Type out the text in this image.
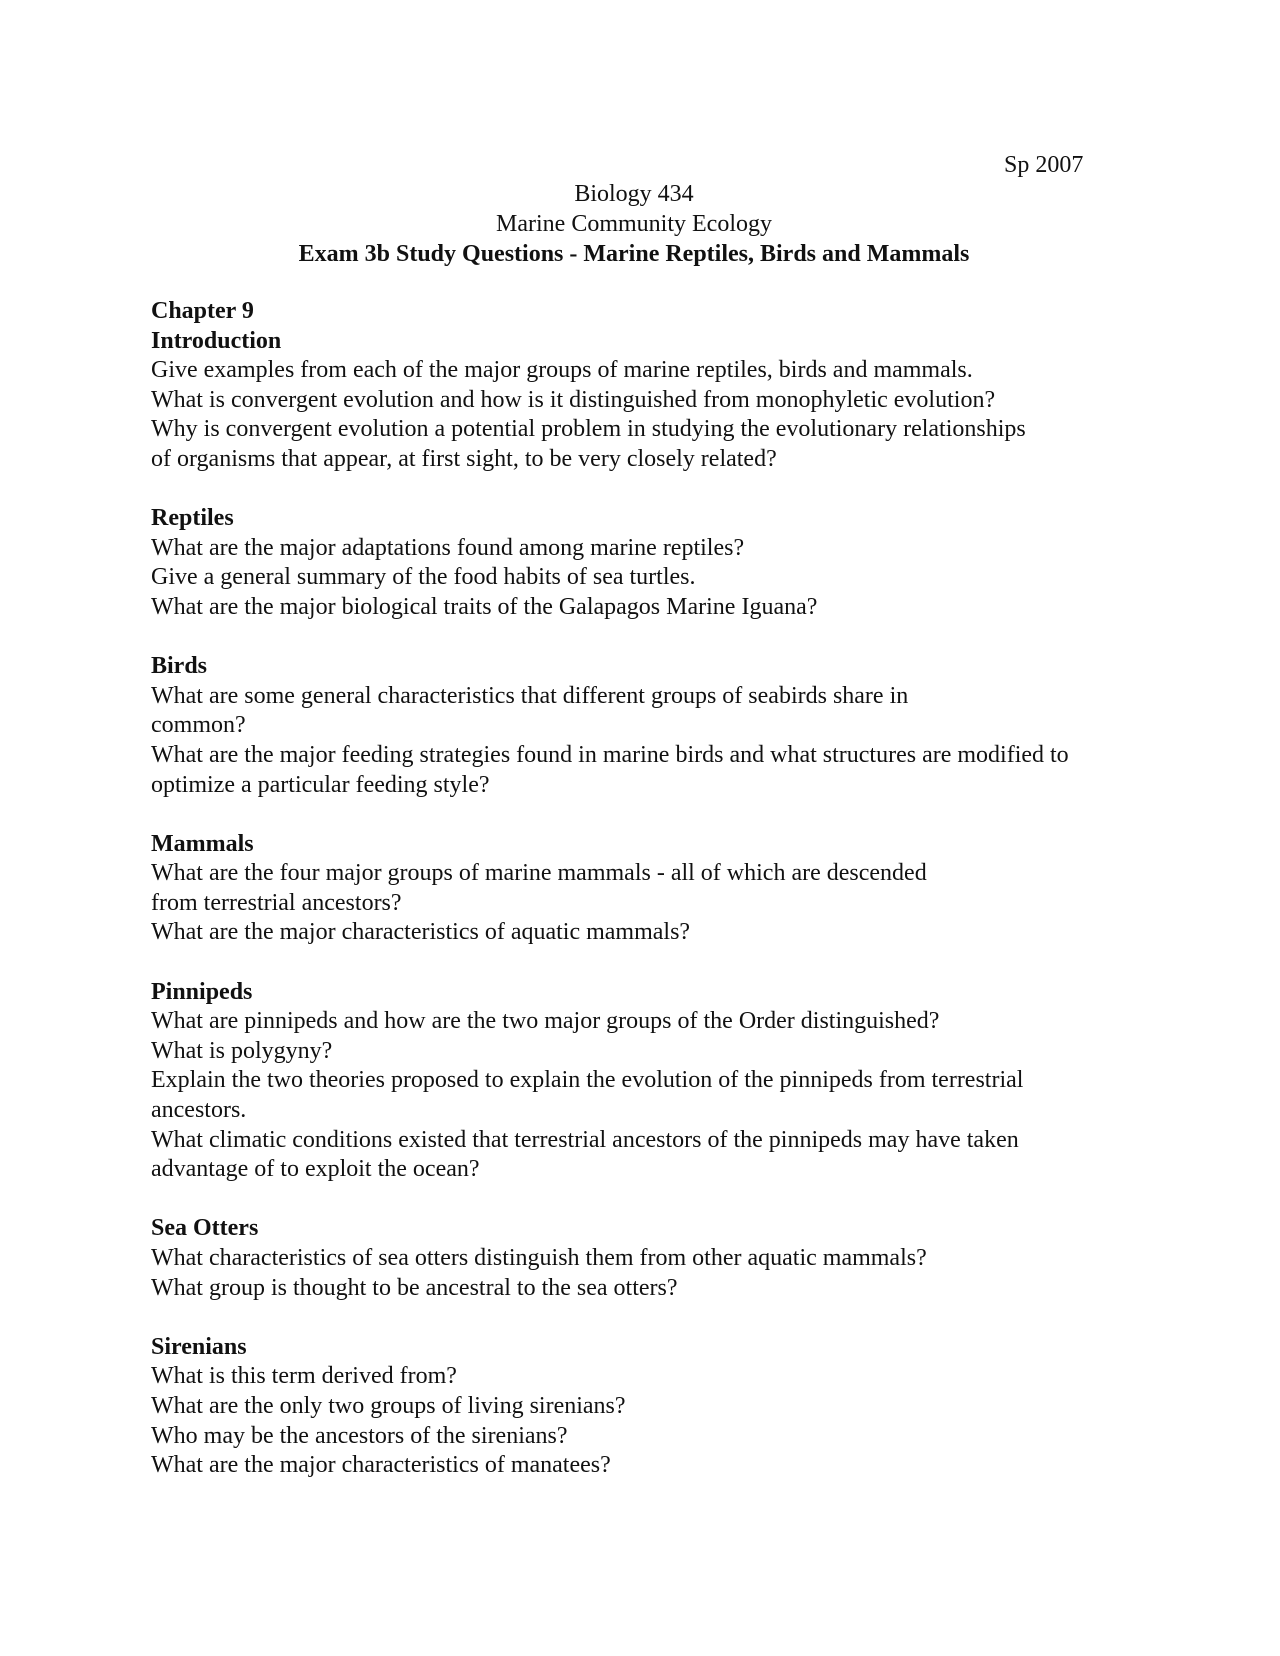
Sp 2007
Biology 434
Marine Community Ecology
Exam 3b Study Questions - Marine Reptiles, Birds and Mammals
Chapter 9
Introduction
Give examples from each of the major groups of marine reptiles, birds and mammals.
What is convergent evolution and how is it distinguished from monophyletic evolution?
Why is convergent evolution a potential problem in studying the evolutionary relationships of organisms that appear, at first sight, to be very closely related?
Reptiles
What are the major adaptations found among marine reptiles?
Give a general summary of the food habits of sea turtles.
What are the major biological traits of the Galapagos Marine Iguana?
Birds
What are some general characteristics that different groups of seabirds share in common?
What are the major feeding strategies found in marine birds and what structures are modified to optimize a particular feeding style?
Mammals
What are the four major groups of marine mammals - all of which are descended from terrestrial ancestors?
What are the major characteristics of aquatic mammals?
Pinnipeds
What are pinnipeds and how are the two major groups of the Order distinguished?
What is polygyny?
Explain the two theories proposed to explain the evolution of the pinnipeds from terrestrial ancestors.
What climatic conditions existed that terrestrial ancestors of the pinnipeds may have taken advantage of to exploit the ocean?
Sea Otters
What characteristics of sea otters distinguish them from other aquatic mammals?
What group is thought to be ancestral to the sea otters?
Sirenians
What is this term derived from?
What are the only two groups of living sirenians?
Who may be the ancestors of the sirenians?
What are the major characteristics of manatees?
